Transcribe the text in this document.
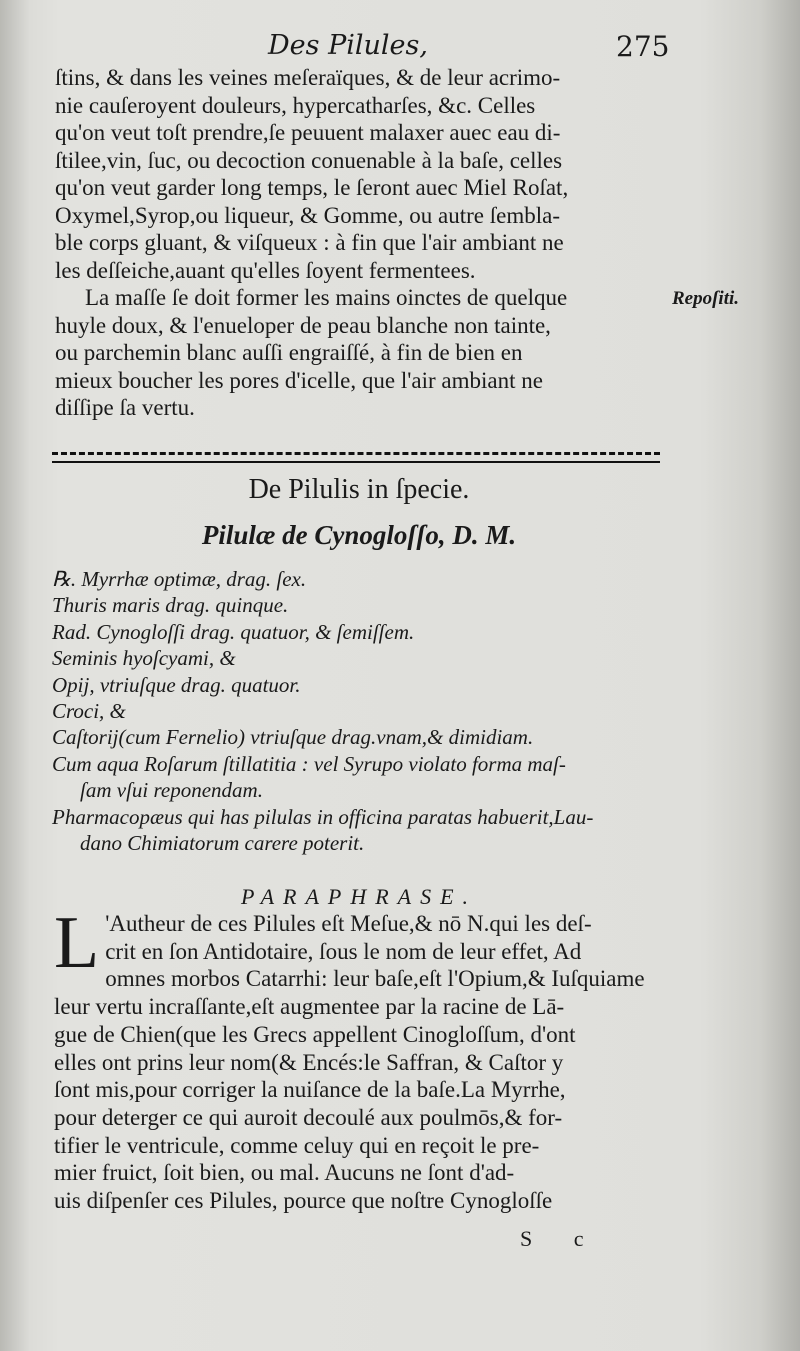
Des Pilules,	275

ſtins, & dans les veines meſeraïques, & de leur acrimo-
nie cauſeroyent douleurs, hypercatharſes, &c. Celles
qu'on veut toſt prendre,ſe peuuent malaxer auec eau di-
ſtilee,vin, ſuc, ou decoction conuenable à la baſe, celles
qu'on veut garder long temps, le ſeront auec Miel Roſat,
Oxymel,Syrop,ou liqueur, & Gomme, ou autre ſembla-
ble corps gluant, & viſqueux : à fin que l'air ambiant ne
les deſſeiche,auant qu'elles ſoyent fermentees.

La maſſe ſe doit former les mains oinctes de quelque
huyle doux, & l'enueloper de peau blanche non tainte,
ou parchemin blanc auſſi engraiſſé, à fin de bien en
mieux boucher les pores d'icelle, que l'air ambiant ne
diſſipe ſa vertu.

Repoſiti.
De Pilulis in ſpecie.
Pilulæ de Cynogloſſo, D. M.
℞. Myrrhæ optimæ, drag. ſex.
Thuris maris drag. quinque.
Rad. Cynogloſſi drag. quatuor, & ſemiſſem.
Seminis hyoſcyami, &
Opij, vtriuſque drag. quatuor.
Croci, &
Caſtorij(cum Fernelio) vtriuſque drag.vnam,& dimidiam.
Cum aqua Roſarum ſtillatitia : vel Syrupo violato forma maſ-
ſam vſui reponendam.
Pharmacopæus qui has pilulas in officina paratas habuerit,Lau-
dano Chimiatorum carere poterit.
PARAPHRASE.
L 'Autheur de ces Pilules eſt Meſue,& nō N.qui les deſ-
crit en ſon Antidotaire, ſous le nom de leur effet, Ad
omnes morbos Catarrhi: leur baſe,eſt l'Opium,& Iuſquiame
leur vertu incraſſante,eſt augmentee par la racine de Lā-
gue de Chien(que les Grecs appellent Cinogloſſum, d'ont
elles ont prins leur nom(& Encés:le Saffran, & Caſtor y
ſont mis,pour corriger la nuiſance de la baſe.La Myrrhe,
pour deterger ce qui auroit decoulé aux poulmōs,& for-
tifier le ventricule, comme celuy qui en reçoit le pre-
mier fruict, ſoit bien, ou mal. Aucuns ne ſont d'ad-
uis diſpenſer ces Pilules, pource que noſtre Cynogloſſe

S c
